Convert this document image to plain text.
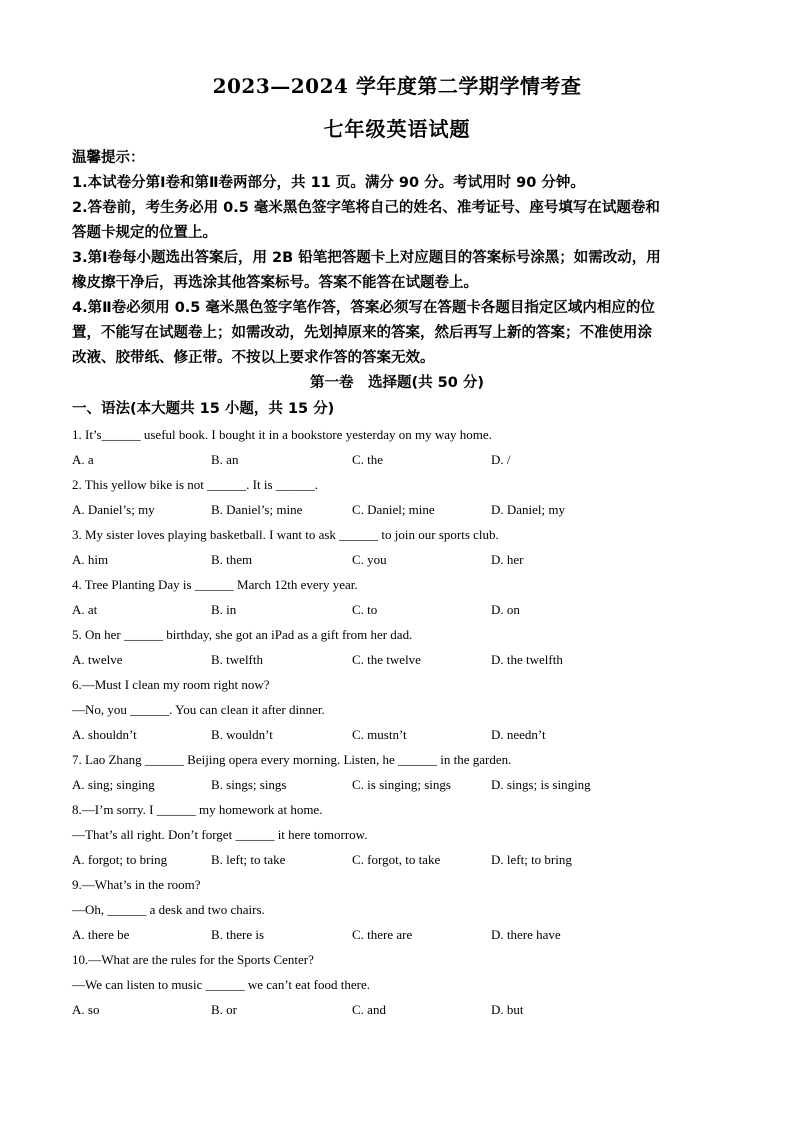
2023—2024 学年度第二学期学情考查
七年级英语试题
温馨提示：
1.本试卷分第Ⅰ卷和第Ⅱ卷两部分，共 11 页。满分 90 分。考试用时 90 分钟。
2.答卷前，考生务必用 0.5 毫米黑色签字笔将自己的姓名、准考证号、座号填写在试题卷和
答题卡规定的位置上。
3.第Ⅰ卷每小题选出答案后，用 2B 铅笔把答题卡上对应题目的答案标号涂黑；如需改动，用
橡皮擦干净后，再选涂其他答案标号。答案不能答在试题卷上。
4.第Ⅱ卷必须用 0.5 毫米黑色签字笔作答，答案必须写在答题卡各题目指定区域内相应的位
置，不能写在试题卷上；如需改动，先划掉原来的答案，然后再写上新的答案；不准使用涂
改液、胶带纸、修正带。不按以上要求作答的答案无效。
第一卷　选择题(共 50 分)
一、语法(本大题共 15 小题，共 15 分)
1. It’s______ useful book. I bought it in a bookstore yesterday on my way home.
A. a	B. an	C. the	D. /
2. This yellow bike is not ______. It is ______.
A. Daniel’s; my	B. Daniel’s; mine	C. Daniel; mine	D. Daniel; my
3. My sister loves playing basketball. I want to ask ______ to join our sports club.
A. him	B. them	C. you	D. her
4. Tree Planting Day is ______ March 12th every year.
A. at	B. in	C. to	D. on
5. On her ______ birthday, she got an iPad as a gift from her dad.
A. twelve	B. twelfth	C. the twelve	D. the twelfth
6.—Must I clean my room right now?
—No, you ______. You can clean it after dinner.
A. shouldn’t	B. wouldn’t	C. mustn’t	D. needn’t
7. Lao Zhang ______ Beijing opera every morning. Listen, he ______ in the garden.
A. sing; singing	B. sings; sings	C. is singing; sings	D. sings; is singing
8.—I’m sorry. I ______ my homework at home.
—That’s all right. Don’t forget ______ it here tomorrow.
A. forgot; to bring	B. left; to take	C. forgot, to take	D. left; to bring
9.—What’s in the room?
—Oh, ______ a desk and two chairs.
A. there be	B. there is	C. there are	D. there have
10.—What are the rules for the Sports Center?
—We can listen to music ______ we can’t eat food there.
A. so	B. or	C. and	D. but
